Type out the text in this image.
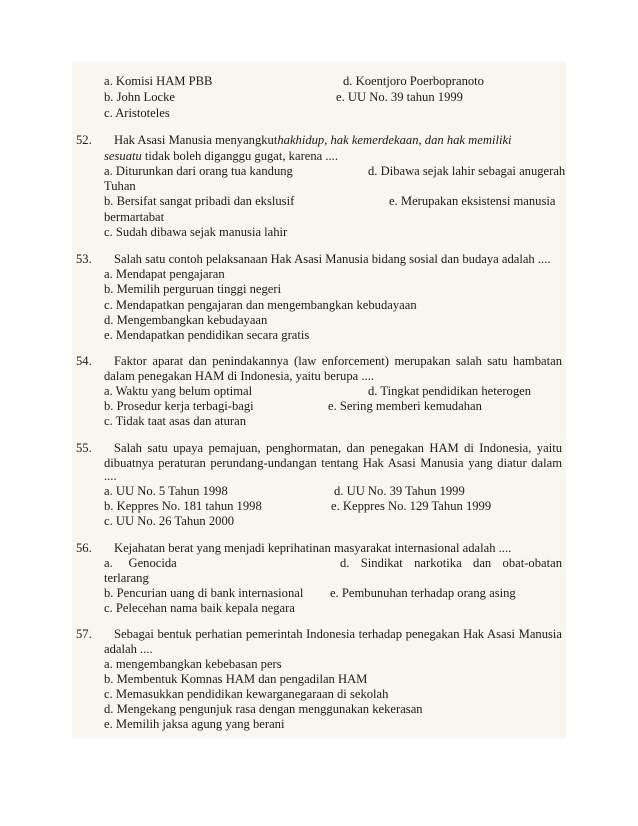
a. Komisi HAM PBB	d. Koentjoro Poerbopranoto
b. John Locke	e. UU No. 39 tahun 1999
c. Aristoteles
52.	Hak Asasi Manusia menyangkuthakhidup, hak kemerdekaan, dan hak memiliki
sesuatu tidak boleh diganggu gugat, karena ....
a. Diturunkan dari orang tua kandung	d. Dibawa sejak lahir sebagai anugerah
Tuhan
b. Bersifat sangat pribadi dan ekslusif	e. Merupakan eksistensi manusia
bermartabat
c. Sudah dibawa sejak manusia lahir
53. Salah satu contoh pelaksanaan Hak Asasi Manusia bidang sosial dan budaya adalah ....
a. Mendapat pengajaran
b. Memilih perguruan tinggi negeri
c. Mendapatkan pengajaran dan mengembangkan kebudayaan
d. Mengembangkan kebudayaan
e. Mendapatkan pendidikan secara gratis
54. Faktor aparat dan penindakannya (law enforcement) merupakan salah satu hambatan
dalam penegakan HAM di Indonesia, yaitu berupa ....
a. Waktu yang belum optimal	d. Tingkat pendidikan heterogen
b. Prosedur kerja terbagi-bagi	e. Sering memberi kemudahan
c. Tidak taat asas dan aturan
55. Salah satu upaya pemajuan, penghormatan, dan penegakan HAM di Indonesia, yaitu
dibuatnya peraturan perundang-undangan tentang Hak Asasi Manusia yang diatur dalam
....
a. UU No. 5 Tahun 1998	d. UU No. 39 Tahun 1999
b. Keppres No. 181 tahun 1998	e. Keppres No. 129 Tahun 1999
c. UU No. 26 Tahun 2000
56. Kejahatan berat yang menjadi keprihatinan masyarakat internasional adalah ....
a.     Genocida	d. Sindikat narkotika dan obat-obatan
terlarang
b. Pencurian uang di bank internasional e. Pembunuhan terhadap orang asing
c. Pelecehan nama baik kepala negara
57. Sebagai bentuk perhatian pemerintah Indonesia terhadap penegakan Hak Asasi Manusia
adalah ....
a. mengembangkan kebebasan pers
b. Membentuk Komnas HAM dan pengadilan HAM
c. Memasukkan pendidikan kewarganegaraan di sekolah
d. Mengekang pengunjuk rasa dengan menggunakan kekerasan
e. Memilih jaksa agung yang berani
